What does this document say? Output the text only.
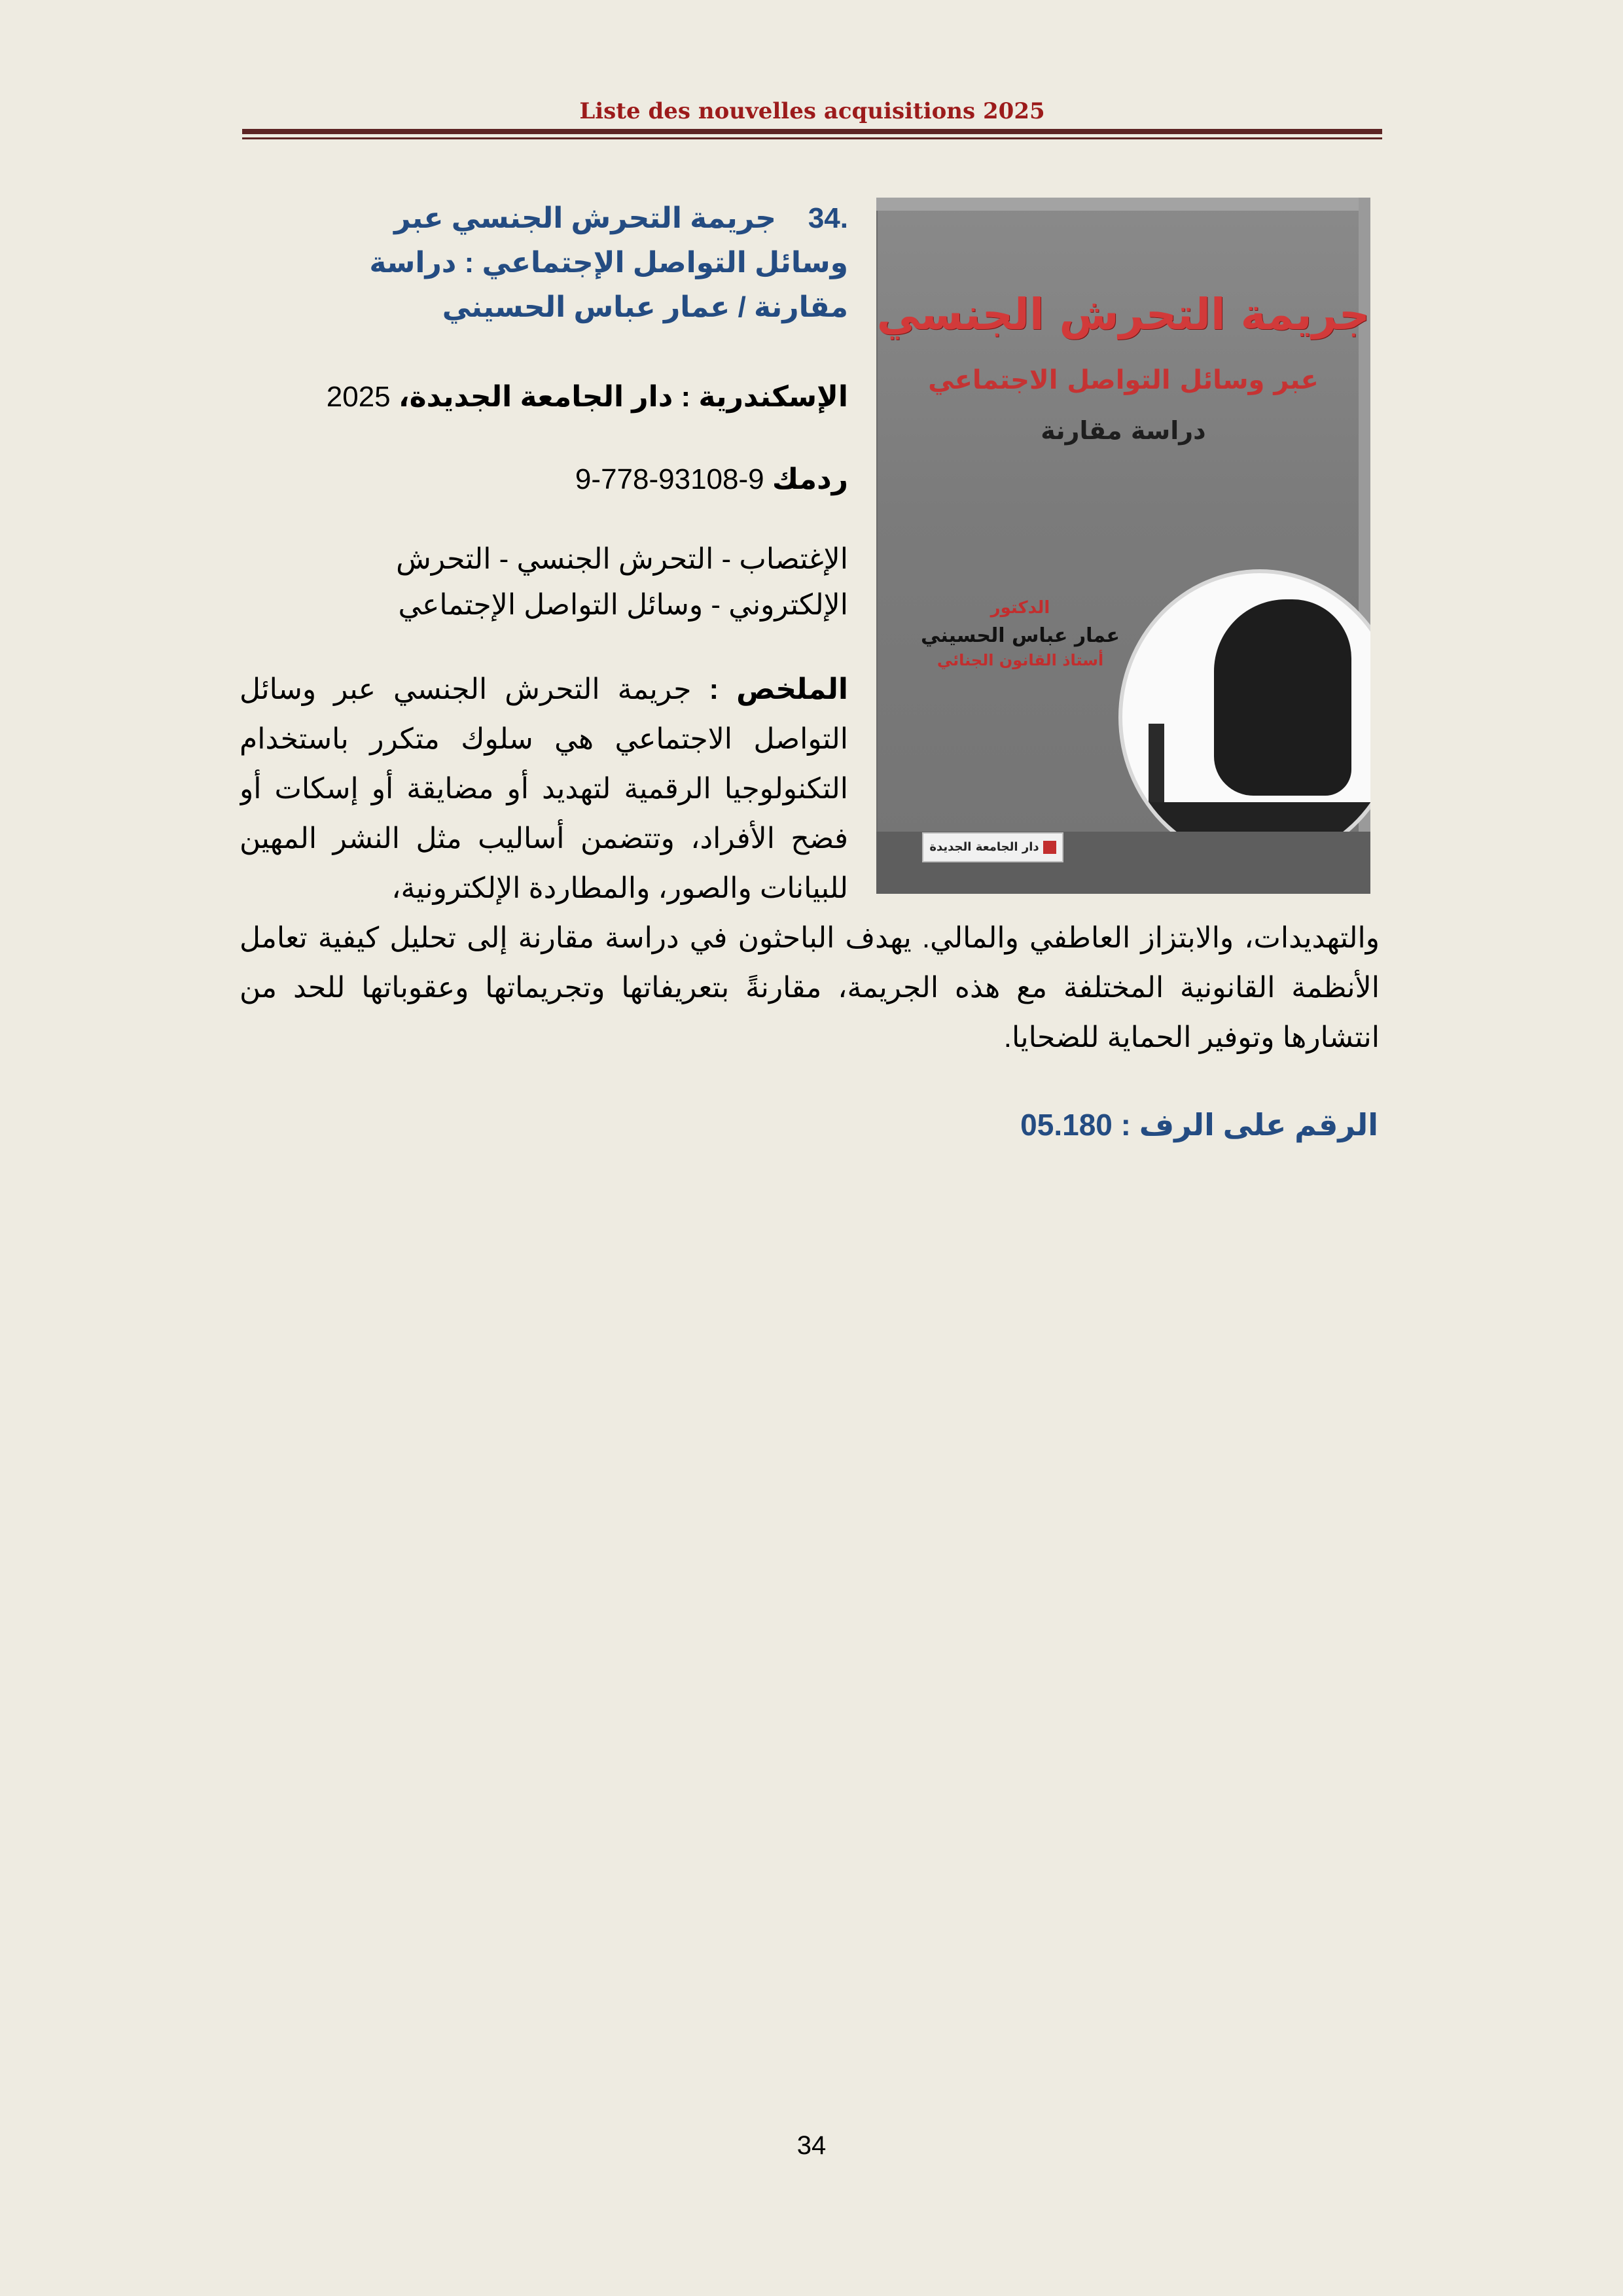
Liste des nouvelles acquisitions 2025
جريمة التحرش الجنسي
عبر وسائل التواصل الاجتماعي
دراسة مقارنة
الدكتور
عمار عباس الحسيني
أستاذ القانون الجنائي
دار الجامعة الجديدة
34.    جريمة التحرش الجنسي عبر وسائل التواصل الإجتماعي : دراسة مقارنة / عمار عباس الحسيني
الإسكندرية : دار الجامعة الجديدة، 2025
ردمك 9-93108-778-9
الإغتصاب - التحرش الجنسي - التحرش الإلكتروني - وسائل التواصل الإجتماعي
الملخص : جريمة التحرش الجنسي عبر وسائل التواصل الاجتماعي هي سلوك متكرر باستخدام التكنولوجيا الرقمية لتهديد أو مضايقة أو إسكات أو فضح الأفراد، وتتضمن أساليب مثل النشر المهين للبيانات والصور، والمطاردة الإلكترونية،
والتهديدات، والابتزاز العاطفي والمالي. يهدف الباحثون في دراسة مقارنة إلى تحليل كيفية تعامل الأنظمة القانونية المختلفة مع هذه الجريمة، مقارنةً بتعريفاتها وتجريماتها وعقوباتها للحد من انتشارها وتوفير الحماية للضحايا.
الرقم على الرف : 05.180
34
